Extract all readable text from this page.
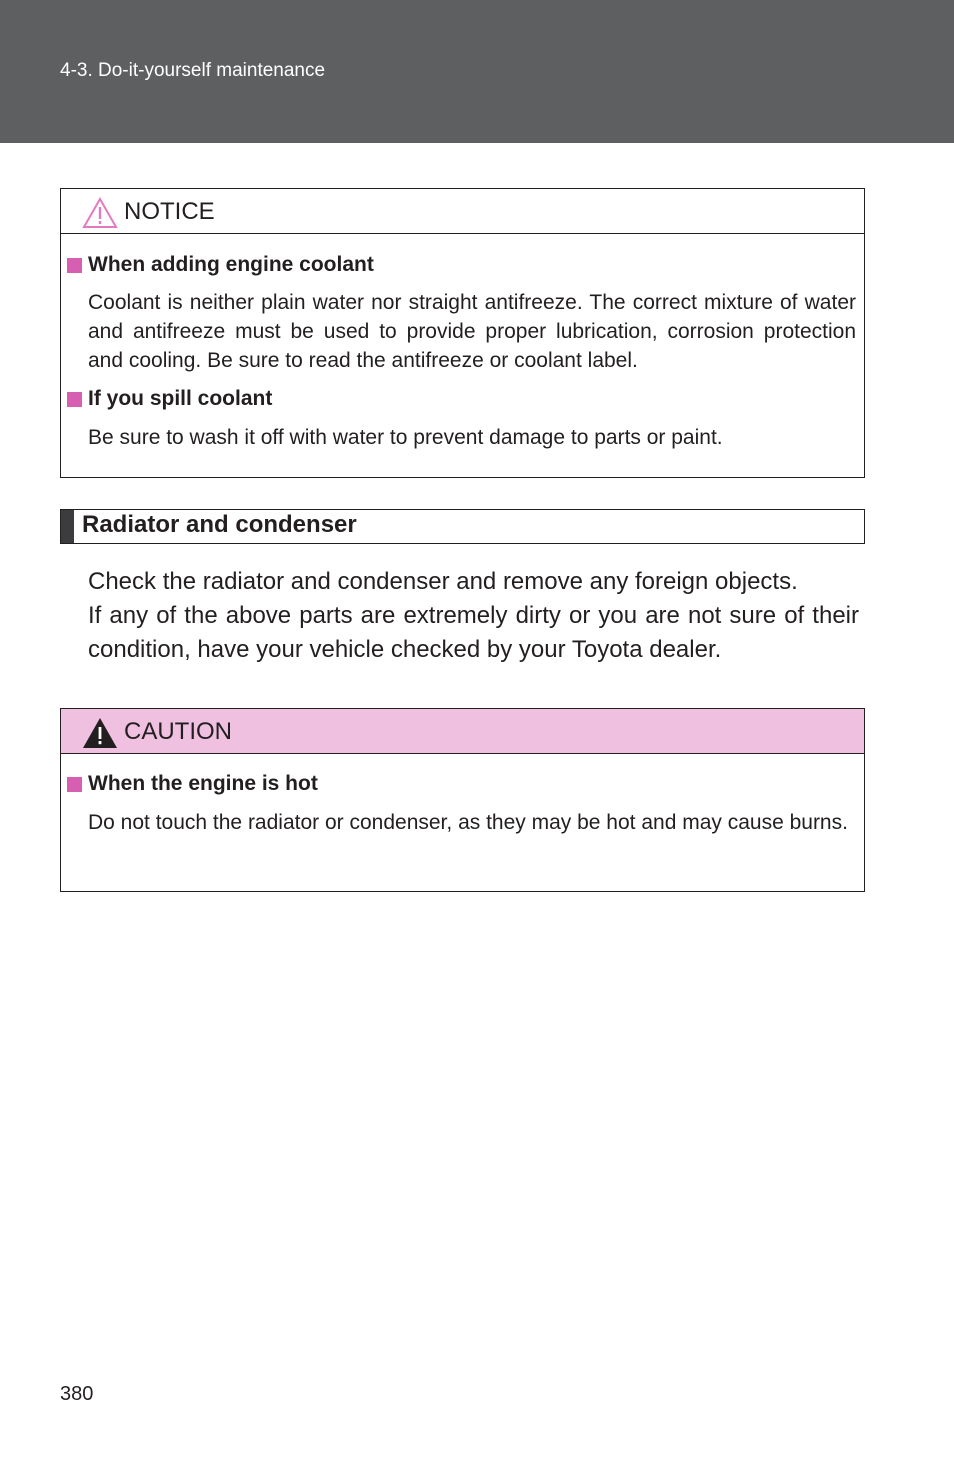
4-3. Do-it-yourself maintenance
NOTICE
When adding engine coolant
Coolant is neither plain water nor straight antifreeze. The correct mixture of water and antifreeze must be used to provide proper lubrication, corrosion protection and cooling. Be sure to read the antifreeze or coolant label.
If you spill coolant
Be sure to wash it off with water to prevent damage to parts or paint.
Radiator and condenser
Check the radiator and condenser and remove any foreign objects.
If any of the above parts are extremely dirty or you are not sure of their condition, have your vehicle checked by your Toyota dealer.
CAUTION
When the engine is hot
Do not touch the radiator or condenser, as they may be hot and may cause burns.
380
